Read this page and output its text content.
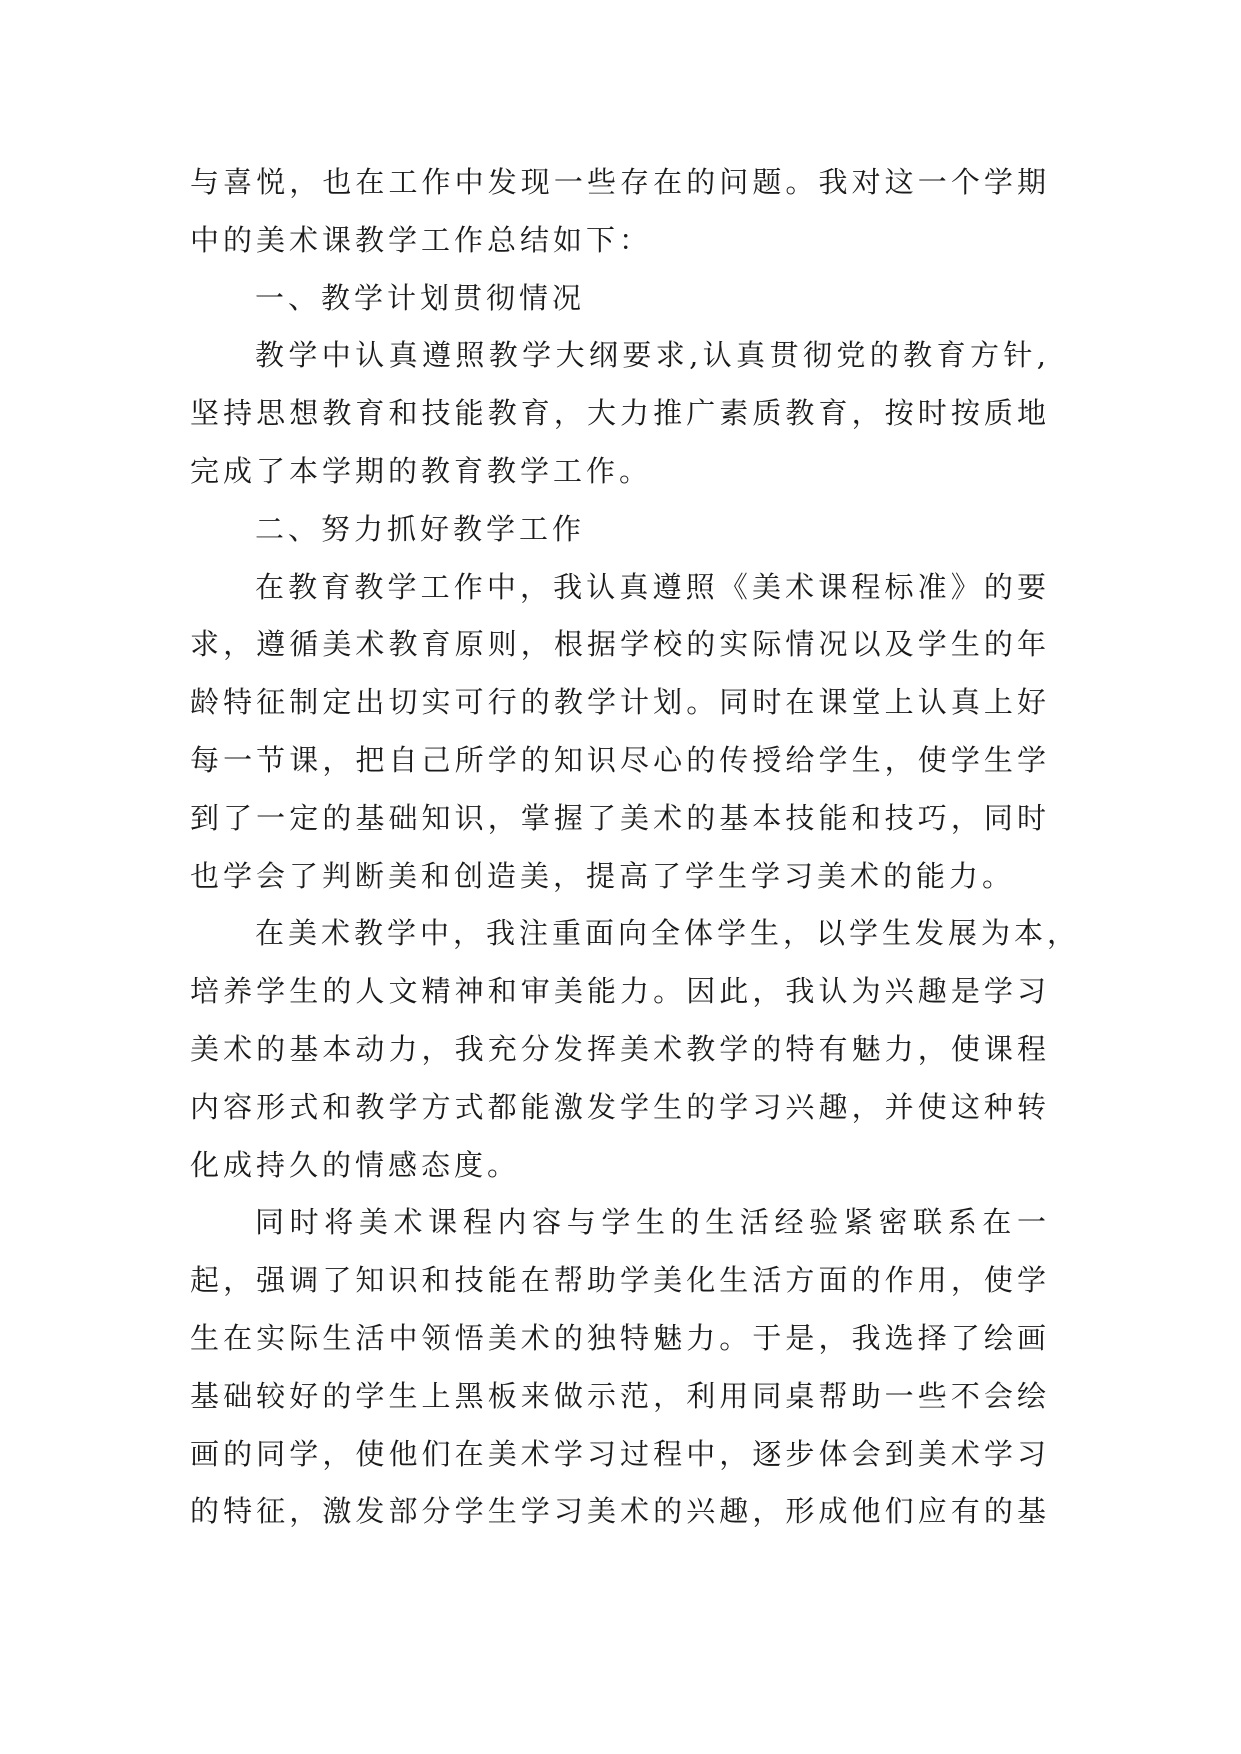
与喜悦，也在工作中发现一些存在的问题。我对这一个学期
中的美术课教学工作总结如下：
一、教学计划贯彻情况
教学中认真遵照教学大纲要求,认真贯彻党的教育方针,
坚持思想教育和技能教育，大力推广素质教育，按时按质地
完成了本学期的教育教学工作。
二、努力抓好教学工作
在教育教学工作中，我认真遵照《美术课程标准》的要
求，遵循美术教育原则，根据学校的实际情况以及学生的年
龄特征制定出切实可行的教学计划。同时在课堂上认真上好
每一节课，把自己所学的知识尽心的传授给学生，使学生学
到了一定的基础知识，掌握了美术的基本技能和技巧，同时
也学会了判断美和创造美，提高了学生学习美术的能力。
在美术教学中，我注重面向全体学生，以学生发展为本，
培养学生的人文精神和审美能力。因此，我认为兴趣是学习
美术的基本动力，我充分发挥美术教学的特有魅力，使课程
内容形式和教学方式都能激发学生的学习兴趣，并使这种转
化成持久的情感态度。
同时将美术课程内容与学生的生活经验紧密联系在一
起，强调了知识和技能在帮助学美化生活方面的作用，使学
生在实际生活中领悟美术的独特魅力。于是，我选择了绘画
基础较好的学生上黑板来做示范，利用同桌帮助一些不会绘
画的同学，使他们在美术学习过程中，逐步体会到美术学习
的特征，激发部分学生学习美术的兴趣，形成他们应有的基
